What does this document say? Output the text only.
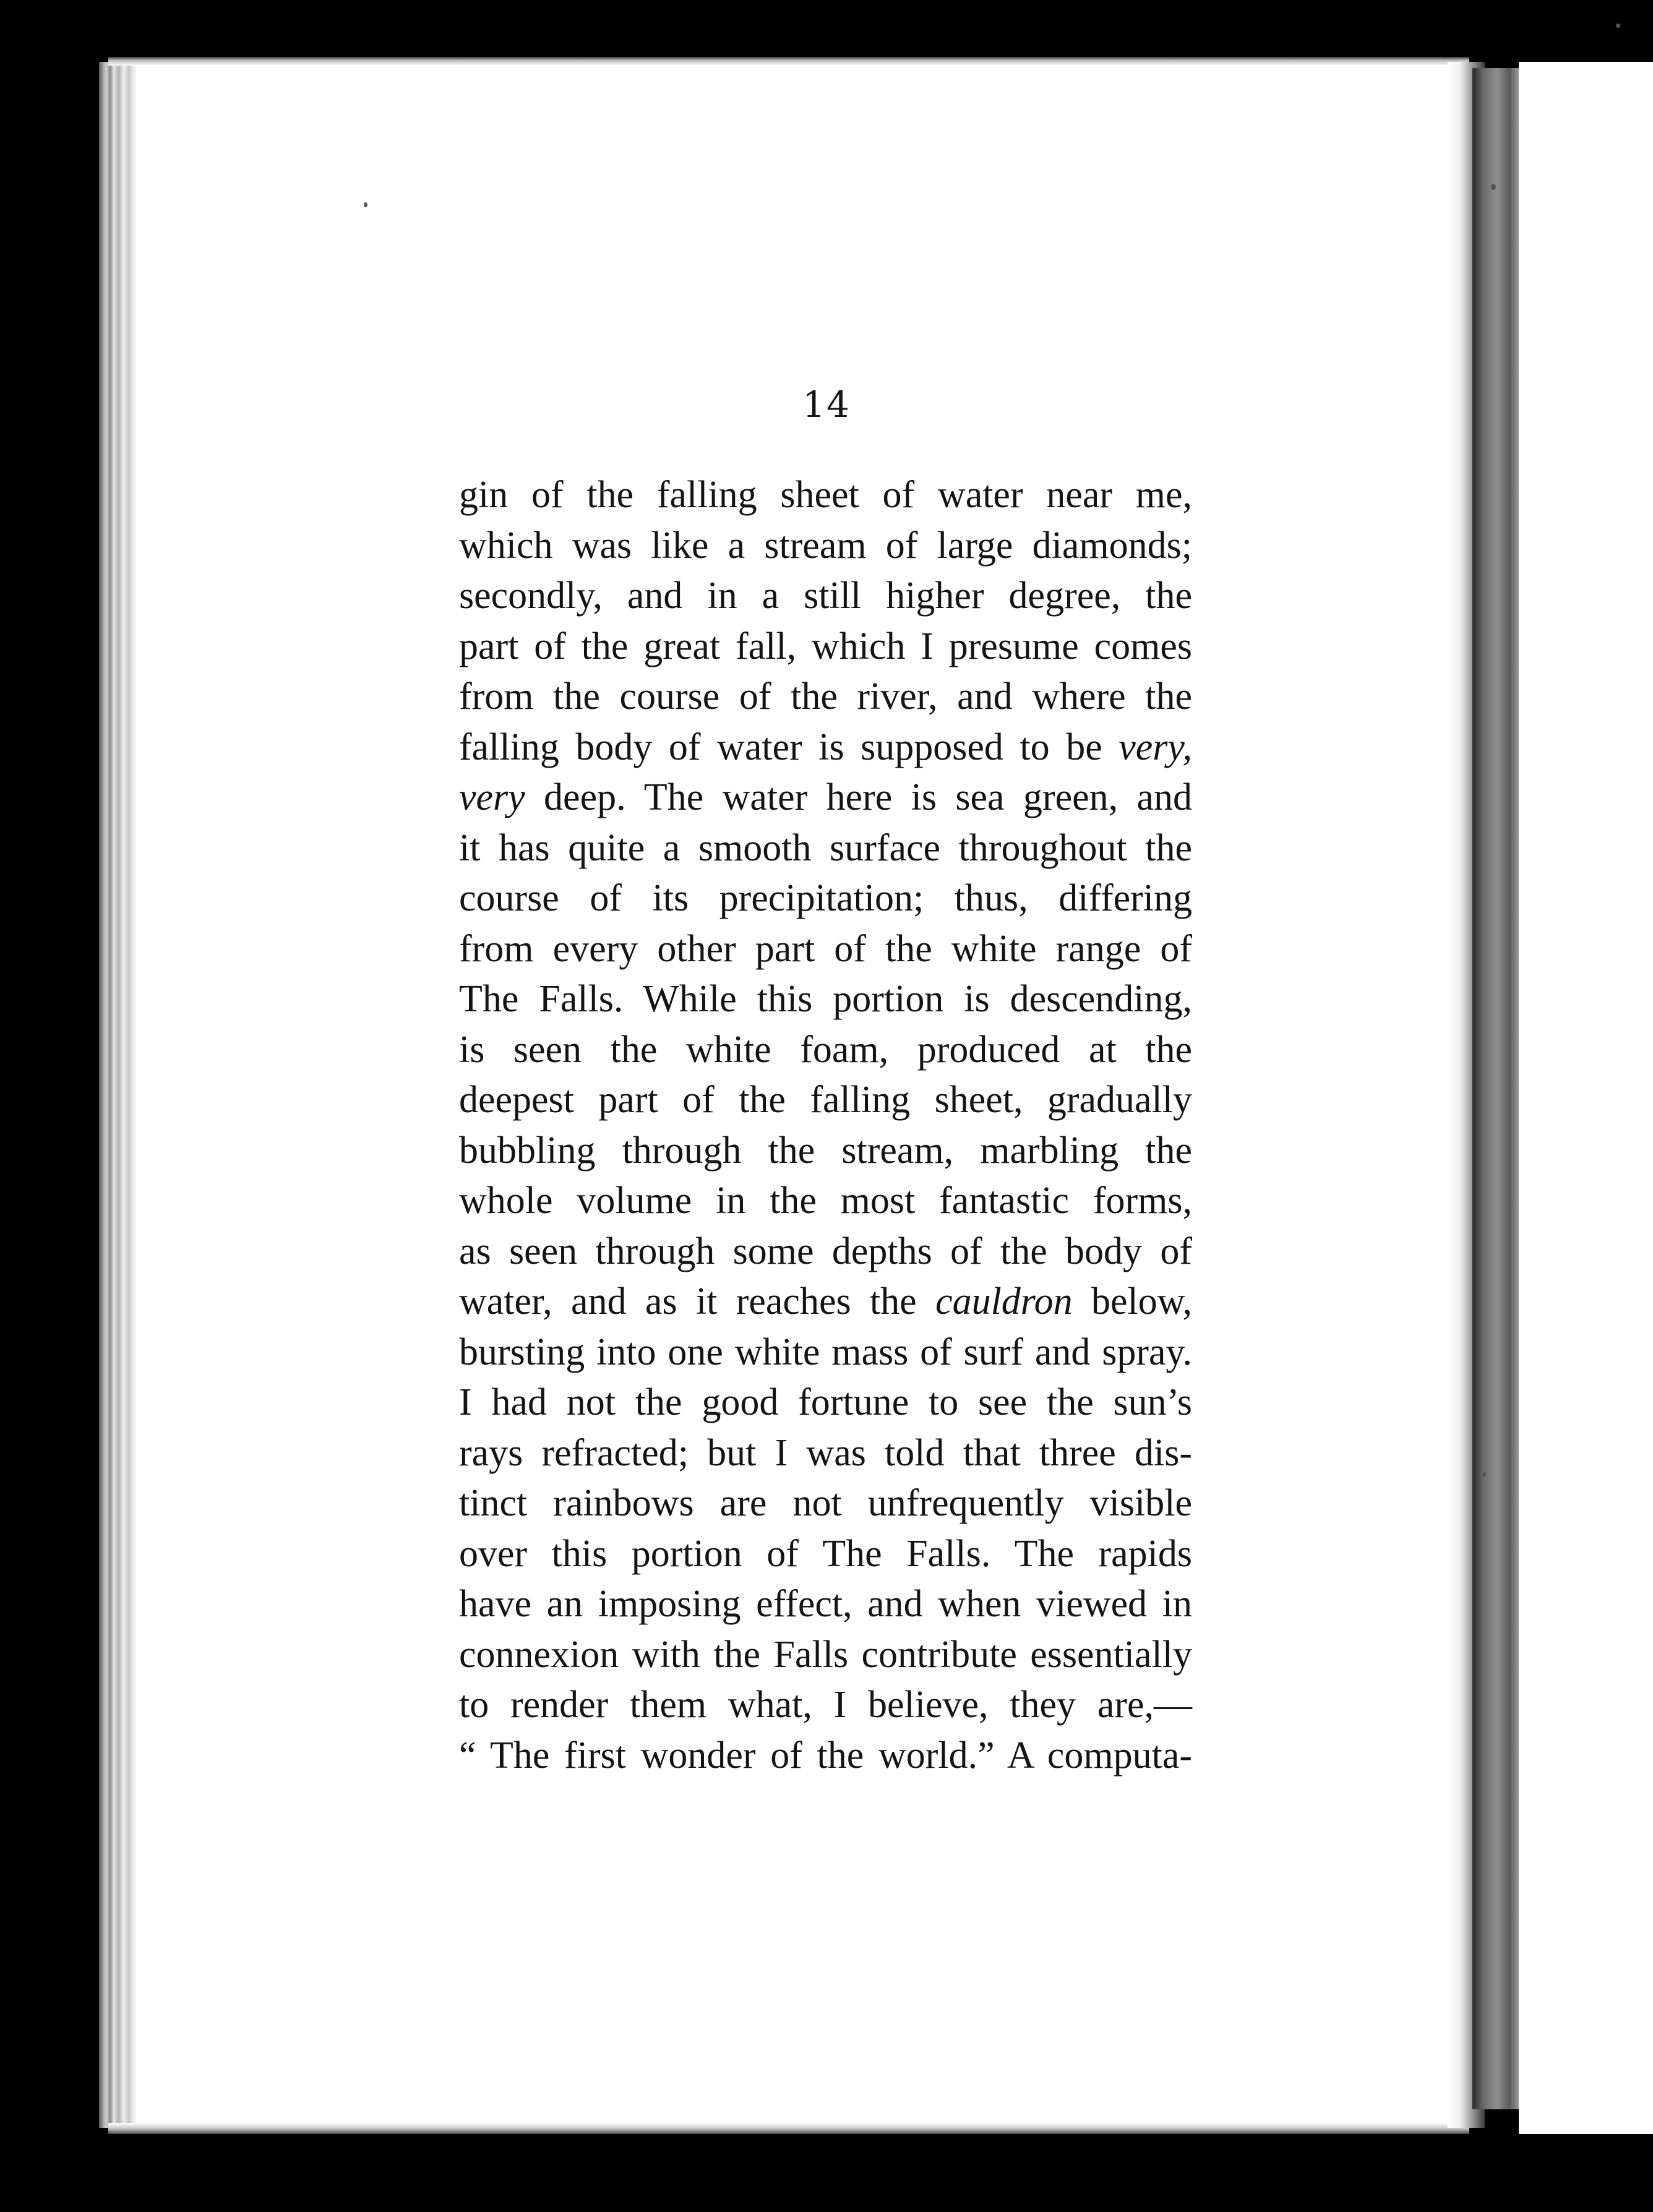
14
gin of the falling sheet of water near me,
which was like a stream of large diamonds;
secondly, and in a still higher degree, the
part of the great fall, which I presume comes
from the course of the river, and where the
falling body of water is supposed to be very,
very deep. The water here is sea green, and
it has quite a smooth surface throughout the
course of its precipitation; thus, differing
from every other part of the white range of
The Falls. While this portion is descending,
is seen the white foam, produced at the
deepest part of the falling sheet, gradually
bubbling through the stream, marbling the
whole volume in the most fantastic forms,
as seen through some depths of the body of
water, and as it reaches the cauldron below,
bursting into one white mass of surf and spray.
I had not the good fortune to see the sun’s
rays refracted; but I was told that three dis-
tinct rainbows are not unfrequently visible
over this portion of The Falls. The rapids
have an imposing effect, and when viewed in
connexion with the Falls contribute essentially
to render them what, I believe, they are,—
“ The first wonder of the world.” A computa-
